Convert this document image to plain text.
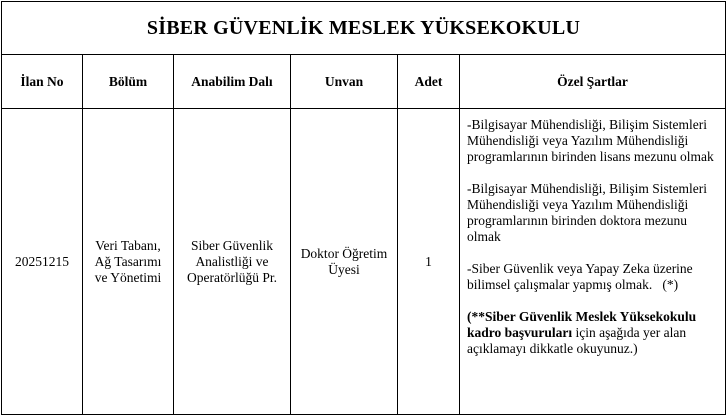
SİBER GÜVENLİK MESLEK YÜKSEKOKULU					
İlan No	Bölüm	Anabilim Dalı	Unvan	Adet	Özel Şartlar
20251215	Veri Tabanı, Ağ Tasarımı ve Yönetimi	Siber Güvenlik Analistliği ve Operatörlüğü Pr.	Doktor Öğretim Üyesi	1	-Bilgisayar Mühendisliği, Bilişim Sistemleri Mühendisliği veya Yazılım Mühendisliği programlarının birinden lisans mezunu olmak

-Bilgisayar Mühendisliği, Bilişim Sistemleri Mühendisliği veya Yazılım Mühendisliği programlarının birinden doktora mezunu olmak

-Siber Güvenlik veya Yapay Zeka üzerine bilimsel çalışmalar yapmış olmak.   (*)

(**Siber Güvenlik Meslek Yüksekokulu kadro başvuruları için aşağıda yer alan açıklamayı dikkatle okuyunuz.)
